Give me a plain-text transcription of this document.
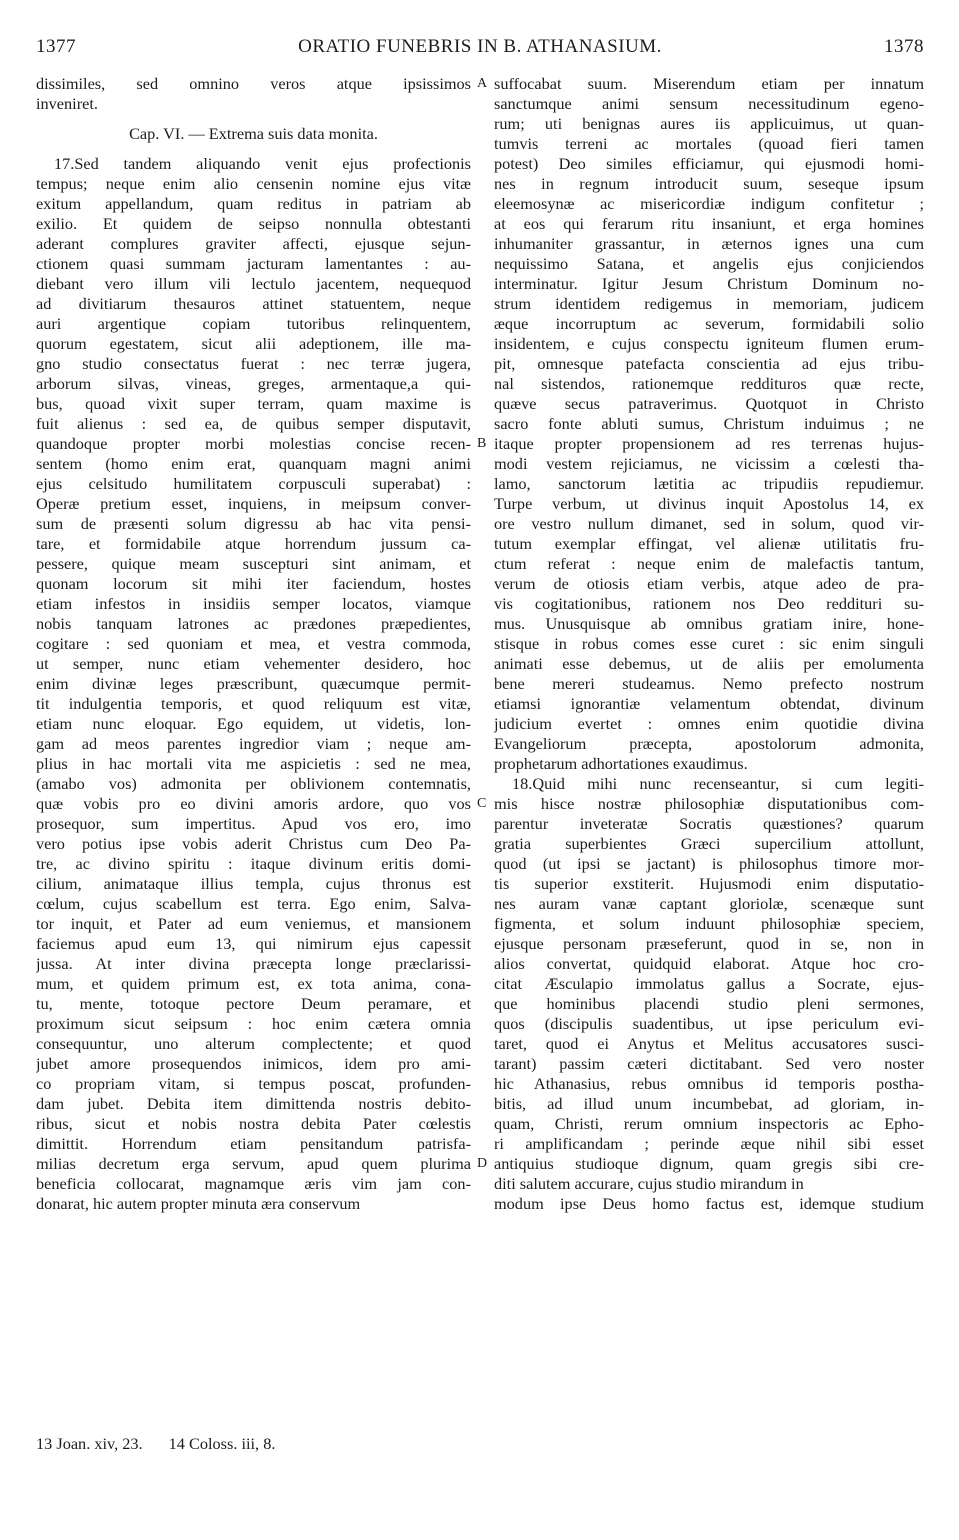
1377	ORATIO FUNEBRIS IN B. ATHANASIUM.	1378
dissimiles, sed omnino veros atque ipsissimos
inveniret.
Cap. VI. — Extrema suis data monita.
17.Sed tandem aliquando venit ejus profectionis
tempus; neque enim alio censenin nomine ejus vitæ
exitum appellandum, quam reditus in patriam ab
exilio. Et quidem de seipso nonnulla obtestanti
aderant complures graviter affecti, ejusque sejun-
ctionem quasi summam jacturam lamentantes : au-
diebant vero illum vili lectulo jacentem, nequequod
ad divitiarum thesauros attinet statuentem, neque
auri argentique copiam tutoribus relinquentem,
quorum egestatem, sicut alii adeptionem, ille ma-
gno studio consectatus fuerat : nec terræ jugera,
arborum silvas, vineas, greges, armentaque,a qui-
bus, quoad vixit super terram, quam maxime is
fuit alienus : sed ea, de quibus semper disputavit,
quandoque propter morbi molestias concise recen-
sentem (homo enim erat, quanquam magni animi
ejus celsitudo humilitatem corpusculi superabat) :
Operæ pretium esset, inquiens, in meipsum conver-
sum de præsenti solum digressu ab hac vita pensi-
tare, et formidabile atque horrendum jussum ca-
pessere, quique meam suscepturi sint animam, et
quonam locorum sit mihi iter faciendum, hostes
etiam infestos in insidiis semper locatos, viamque
nobis tanquam latrones ac prædones præpedientes,
cogitare : sed quoniam et mea, et vestra commoda,
ut semper, nunc etiam vehementer desidero, hoc
enim divinæ leges præscribunt, quæcumque permit-
tit indulgentia temporis, et quod reliquum est vitæ,
etiam nunc eloquar. Ego equidem, ut videtis, lon-
gam ad meos parentes ingredior viam ; neque am-
plius in hac mortali vita me aspicietis : sed ne mea,
(amabo vos) admonita per oblivionem contemnatis,
quæ vobis pro eo divini amoris ardore, quo vos
prosequor, sum impertitus. Apud vos ero, imo
vero potius ipse vobis aderit Christus cum Deo Pa-
tre, ac divino spiritu : itaque divinum eritis domi-
cilium, animataque illius templa, cujus thronus est
cœlum, cujus scabellum est terra. Ego enim, Salva-
tor inquit, et Pater ad eum veniemus, et mansionem
faciemus apud eum 13, qui nimirum ejus capessit
jussa. At inter divina præcepta longe præclarissi-
mum, et quidem primum est, ex tota anima, cona-
tu, mente, totoque pectore Deum peramare, et
proximum sicut seipsum : hoc enim cætera omnia
consequuntur, uno alterum complectente; et quod
jubet amore prosequendos inimicos, idem pro ami-
co propriam vitam, si tempus poscat, profunden-
dam jubet. Debita item dimittenda nostris debito-
ribus, sicut et nobis nostra debita Pater cœlestis
dimittit. Horrendum etiam pensitandum patrisfa-
milias decretum erga servum, apud quem plurima
beneficia collocarat, magnamque æris vim jam con-
donarat, hic autem propter minuta æra conservum
suffocabat suum. Miserendum etiam per innatum
sanctumque animi sensum necessitudinum egeno-
rum; uti benignas aures iis applicuimus, ut quan-
tumvis terreni ac mortales (quoad fieri tamen
potest) Deo similes efficiamur, qui ejusmodi homi-
nes in regnum introducit suum, seseque ipsum
eleemosynæ ac misericordiæ indigum confitetur ;
at eos qui ferarum ritu insaniunt, et erga homines
inhumaniter grassantur, in æternos ignes una cum
nequissimo Satana, et angelis ejus conjiciendos
interminatur. Igitur Jesum Christum Dominum no-
strum identidem redigemus in memoriam, judicem
æque incorruptum ac severum, formidabili solio
insidentem, e cujus conspectu igniteum flumen erum-
pit, omnesque patefacta conscientia ad ejus tribu-
nal sistendos, rationemque reddituros quæ recte,
quæve secus patraverimus. Quotquot in Christo
sacro fonte abluti sumus, Christum induimus ; ne
itaque propter propensionem ad res terrenas hujus-
modi vestem rejiciamus, ne vicissim a cœlesti tha-
lamo, sanctorum lætitia ac tripudiis repudiemur.
Turpe verbum, ut divinus inquit Apostolus 14, ex
ore vestro nullum dimanet, sed in solum, quod vir-
tutum exemplar effingat, vel alienæ utilitatis fru-
ctum referat : neque enim de malefactis tantum,
verum de otiosis etiam verbis, atque adeo de pra-
vis cogitationibus, rationem nos Deo reddituri su-
mus. Unusquisque ab omnibus gratiam inire, hone-
stisque in robus comes esse curet : sic enim singuli
animati esse debemus, ut de aliis per emolumenta
bene mereri studeamus. Nemo prefecto nostrum
etiamsi ignorantiæ velamentum obtendat, divinum
judicium evertet : omnes enim quotidie divina
Evangeliorum præcepta, apostolorum admonita,
prophetarum adhortationes exaudimus.
18.Quid mihi nunc recenseantur, si cum legiti-
mis hisce nostræ philosophiæ disputationibus com-
parentur inveteratæ Socratis quæstiones? quarum
gratia superbientes Græci supercilium attollunt,
quod (ut ipsi se jactant) is philosophus timore mor-
tis superior exstiterit. Hujusmodi enim disputatio-
nes auram vanæ captant gloriolæ, scenæque sunt
figmenta, et solum induunt philosophiæ speciem,
ejusque personam præseferunt, quod in se, non in
alios convertat, quidquid elaborat. Atque hoc cro-
citat Æsculapio immolatus gallus a Socrate, ejus-
que hominibus placendi studio pleni sermones,
quos (discipulis suadentibus, ut ipse periculum evi-
taret, quod ei Anytus et Melitus accusatores susci-
tarant) passim cæteri dictitabant. Sed vero noster
hic Athanasius, rebus omnibus id temporis postha-
bitis, ad illud unum incumbebat, ad gloriam, in-
quam, Christi, rerum omnium inspectoris ac Epho-
ri amplificandam ; perinde æque nihil sibi esset
antiquius studioque dignum, quam gregis sibi cre-
diti salutem accurare, cujus studio mirandum in
modum ipse Deus homo factus est, idemque studium
A
B
C
D
13 Joan. xiv, 23. 14 Coloss. iii, 8.
